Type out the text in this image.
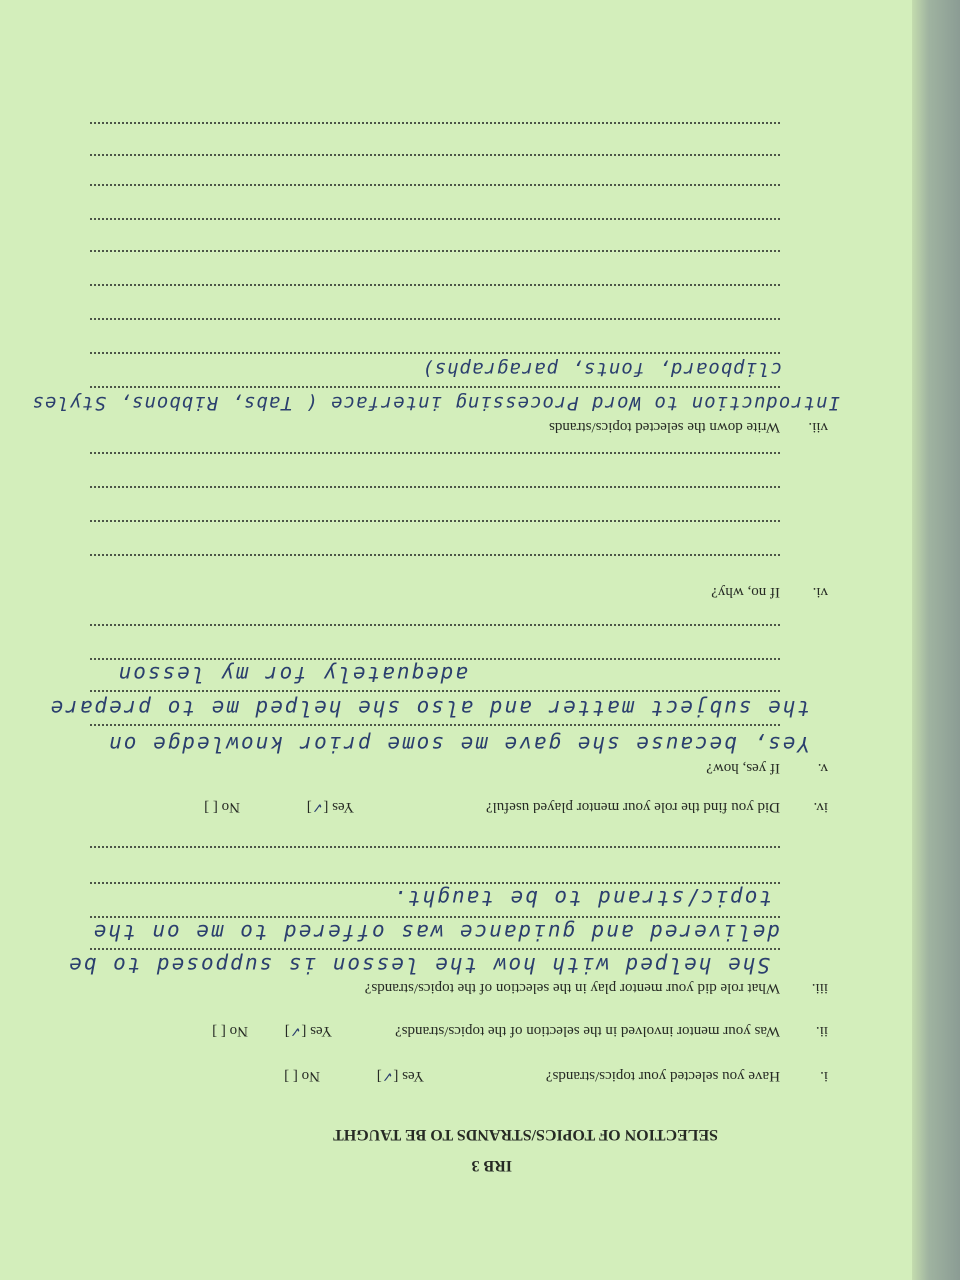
IRB 3
SELECTION OF TOPICS/STRANDS TO BE TAUGHT
i.
Have you selected your topics/strands?
Yes [✓]
No [ ]
ii.
Was your mentor involved in the selection of the topics/strands?
Yes [✓]
No [ ]
iii.
What role did your mentor play in the selection of the topics/strands?
She helped with how the lesson is supposed to be
delivered and guidance was offered to me on the
topic/strand to be taught.
iv.
Did you find the role your mentor played useful?
Yes [✓]
No [ ]
v.
If yes, how?
Yes, because she gave me some prior knowledge on
the subject matter and also she helped me to prepare
adequately for my lesson
vi.
If no, why?
vii.
Write down the selected topics/strands
Introduction to Word Processing interface ( Tabs, Ribbons, Styles
clipboard, fonts, paragraphs)
